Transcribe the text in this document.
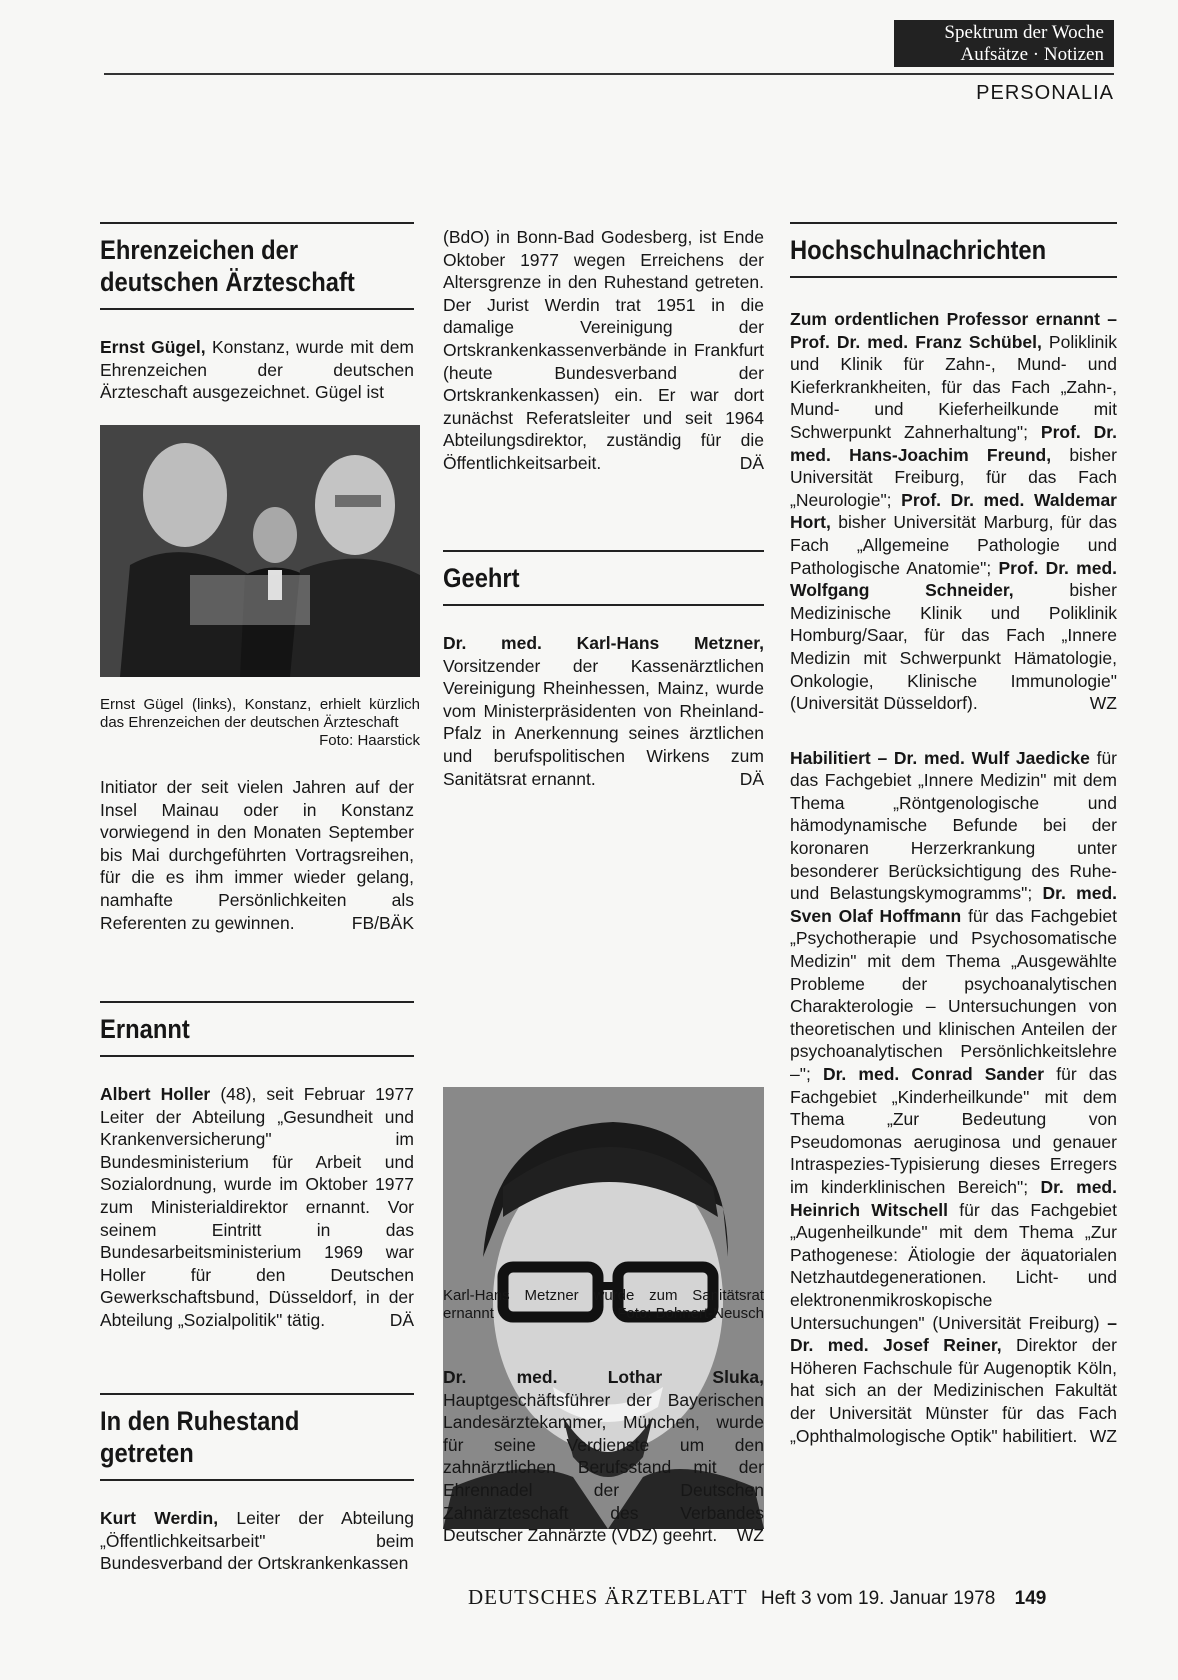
Spektrum der Woche
Aufsätze · Notizen
PERSONALIA
Ehrenzeichen der deutschen Ärzteschaft

Ernst Gügel, Konstanz, wurde mit dem Ehrenzeichen der deutschen Ärzteschaft ausgezeichnet. Gügel ist

Ernst Gügel (links), Konstanz, erhielt kürzlich das Ehrenzeichen der deutschen Ärzteschaft
Foto: Haarstick

Initiator der seit vielen Jahren auf der Insel Mainau oder in Konstanz vorwiegend in den Monaten September bis Mai durchgeführten Vortragsreihen, für die es ihm immer wieder gelang, namhafte Persönlichkeiten als Referenten zu gewinnen.	FB/BÄK

Ernannt

Albert Holler (48), seit Februar 1977 Leiter der Abteilung „Gesundheit und Krankenversicherung" im Bundesministerium für Arbeit und Sozialordnung, wurde im Oktober 1977 zum Ministerialdirektor ernannt. Vor seinem Eintritt in das Bundesarbeitsministerium 1969 war Holler für den Deutschen Gewerkschaftsbund, Düsseldorf, in der Abteilung „Sozialpolitik" tätig.	DÄ

In den Ruhestand getreten

Kurt Werdin, Leiter der Abteilung „Öffentlichkeitsarbeit" beim Bundesverband der Ortskrankenkassen

(BdO) in Bonn-Bad Godesberg, ist Ende Oktober 1977 wegen Erreichens der Altersgrenze in den Ruhestand getreten. Der Jurist Werdin trat 1951 in die damalige Vereinigung der Ortskrankenkassenverbände in Frankfurt (heute Bundesverband der Ortskrankenkassen) ein. Er war dort zunächst Referatsleiter und seit 1964 Abteilungsdirektor, zuständig für die Öffentlichkeitsarbeit.	DÄ

Geehrt

Dr. med. Karl-Hans Metzner, Vorsitzender der Kassenärztlichen Vereinigung Rheinhessen, Mainz, wurde vom Ministerpräsidenten von Rheinland-Pfalz in Anerkennung seines ärztlichen und berufspolitischen Wirkens zum Sanitätsrat ernannt.	DÄ

Karl-Hans Metzner wurde zum Sanitätsrat ernannt	Foto: Bohnert-Neusch

Dr. med. Lothar Sluka, Hauptgeschäftsführer der Bayerischen Landesärztekammer, München, wurde für seine Verdienste um den zahnärztlichen Berufsstand mit der Ehrennadel der Deutschen Zahnärzteschaft des Verbandes Deutscher Zahnärzte (VDZ) geehrt. WZ

Hochschulnachrichten

Zum ordentlichen Professor ernannt – Prof. Dr. med. Franz Schübel, Poliklinik und Klinik für Zahn-, Mund- und Kieferkrankheiten, für das Fach „Zahn-, Mund- und Kieferheilkunde mit Schwerpunkt Zahnerhaltung"; Prof. Dr. med. Hans-Joachim Freund, bisher Universität Freiburg, für das Fach „Neurologie"; Prof. Dr. med. Waldemar Hort, bisher Universität Marburg, für das Fach „Allgemeine Pathologie und Pathologische Anatomie"; Prof. Dr. med. Wolfgang Schneider, bisher Medizinische Klinik und Poliklinik Homburg/Saar, für das Fach „Innere Medizin mit Schwerpunkt Hämatologie, Onkologie, Klinische Immunologie" (Universität Düsseldorf).	WZ

Habilitiert – Dr. med. Wulf Jaedicke für das Fachgebiet „Innere Medizin" mit dem Thema „Röntgenologische und hämodynamische Befunde bei der koronaren Herzerkrankung unter besonderer Berücksichtigung des Ruhe- und Belastungskymogramms"; Dr. med. Sven Olaf Hoffmann für das Fachgebiet „Psychotherapie und Psychosomatische Medizin" mit dem Thema „Ausgewählte Probleme der psychoanalytischen Charakterologie – Untersuchungen von theoretischen und klinischen Anteilen der psychoanalytischen Persönlichkeitslehre –"; Dr. med. Conrad Sander für das Fachgebiet „Kinderheilkunde" mit dem Thema „Zur Bedeutung von Pseudomonas aeruginosa und genauer Intraspezies-Typisierung dieses Erregers im kinderklinischen Bereich"; Dr. med. Heinrich Witschell für das Fachgebiet „Augenheilkunde" mit dem Thema „Zur Pathogenese: Ätiologie der äquatorialen Netzhautdegenerationen. Licht- und elektronenmikroskopische Untersuchungen" (Universität Freiburg) – Dr. med. Josef Reiner, Direktor der Höheren Fachschule für Augenoptik Köln, hat sich an der Medizinischen Fakultät der Universität Münster für das Fach „Ophthalmologische Optik" habilitiert. WZ

DEUTSCHES ÄRZTEBLATT Heft 3 vom 19. Januar 1978 149
